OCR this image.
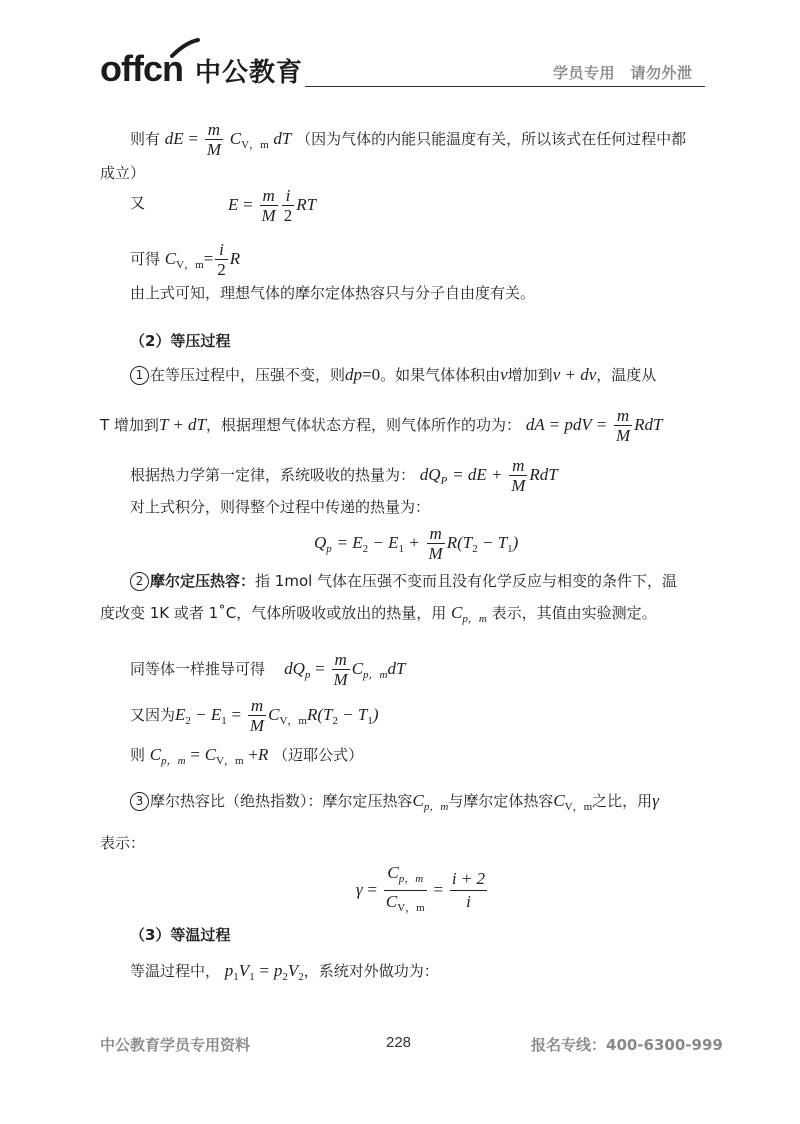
offcn 中公教育	学员专用　请勿外泄
则有 dE = $\frac{m}{M} C_{V,m}$ dT （因为气体的内能只能温度有关，所以该式在任何过程中都
成立）
又	$E = \frac{m}{M} \frac{i}{2}$ RT
可得 $C_{V,m}= \frac{i}{2}$ R
由上式可知，理想气体的摩尔定体热容只与分子自由度有关。
（2）等压过程
1 在等压过程中，压强不变，则dp=0。如果气体体积由v增加到v + dv，温度从
T 增加到T + dT，根据理想气体状态方程，则气体所作的功为： dA = pdV = $\frac{m}{M}$ RdT
根据热力学第一定律，系统吸收的热量为： $dQ_P$ = dE + $\frac{m}{M}$ RdT
对上式积分，则得整个过程中传递的热量为：
$Q_p = E_2 - E_1 + \frac{m}{M} R(T_2 - T_1)$
2 摩尔定压热容：指 1mol 气体在压强不变而且没有化学反应与相变的条件下，温
度改变 1K 或者 1˚C，气体所吸收或放出的热量，用 $C_{p,m}$ 表示，其值由实验测定。
同等体一样推导可得 $dQ_p = \frac{m}{M} C_{p,m}dT$
又因为$E_2 - E_1 = \frac{m}{M} C_{V,m}R(T_2 - T_1)$
则 $C_{p,m} = C_{V,m} +R$ （迈耶公式）
3 摩尔热容比（绝热指数）：摩尔定压热容$C_{p,m}$与摩尔定体热容$C_{V,m}$之比，用γ
表示：
$\gamma = \frac{C_{p,m}}{C_{V,m}} = \frac{i + 2}{i}$
（3）等温过程
等温过程中， $p_1V_1 = p_2V_2$，系统对外做功为：
中公教育学员专用资料	228	报名专线：400-6300-999
